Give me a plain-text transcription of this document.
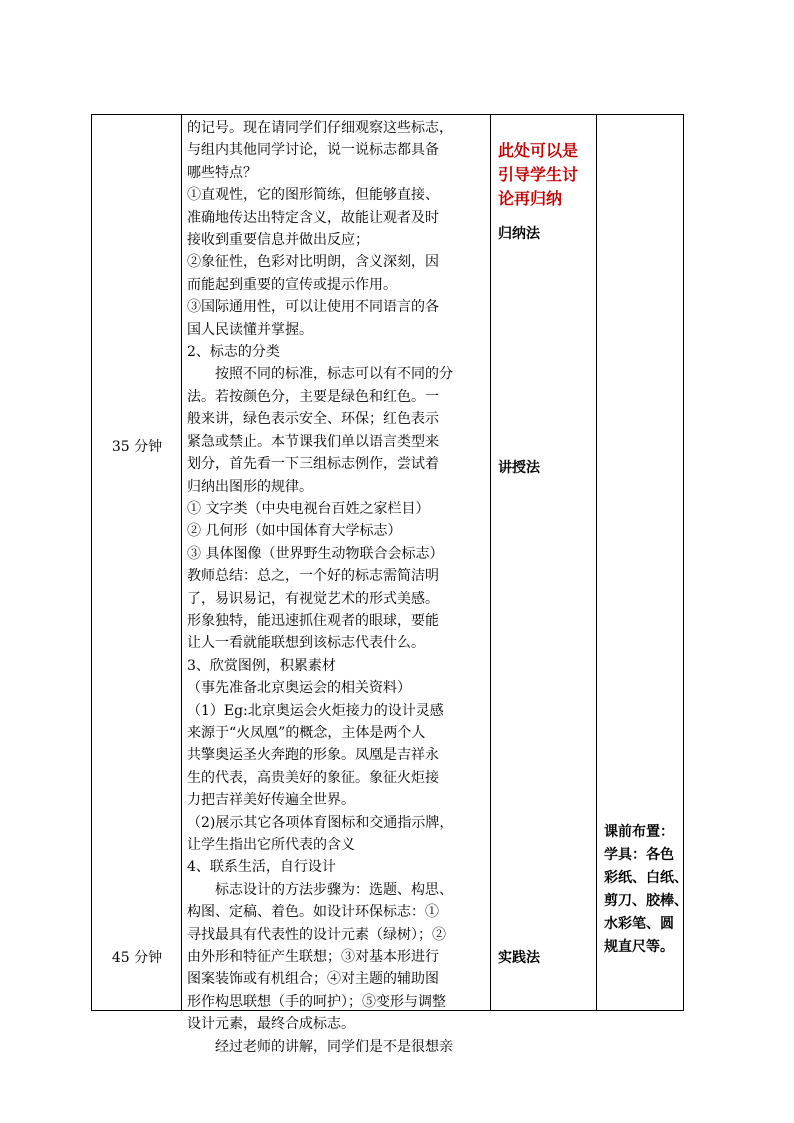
35 分钟
45 分钟

的记号。现在请同学们仔细观察这些标志，

与组内其他同学讨论，说一说标志都具备

哪些特点？

①直观性，它的图形简练，但能够直接、

准确地传达出特定含义，故能让观者及时

接收到重要信息并做出反应；

②象征性，色彩对比明朗，含义深刻，因

而能起到重要的宣传或提示作用。

③国际通用性，可以让使用不同语言的各

国人民读懂并掌握。

2、标志的分类

按照不同的标准，标志可以有不同的分

法。若按颜色分，主要是绿色和红色。一

般来讲，绿色表示安全、环保；红色表示

紧急或禁止。本节课我们单以语言类型来

划分，首先看一下三组标志例作，尝试着

归纳出图形的规律。

① 文字类（中央电视台百姓之家栏目）

② 几何形（如中国体育大学标志）

③ 具体图像（世界野生动物联合会标志）

教师总结：总之，一个好的标志需简洁明

了，易识易记，有视觉艺术的形式美感。

形象独特，能迅速抓住观者的眼球，要能

让人一看就能联想到该标志代表什么。

3、欣赏图例，积累素材

（事先准备北京奥运会的相关资料）

（1）Eg:北京奥运会火炬接力的设计灵感

来源于“火凤凰”的概念，主体是两个人

共擎奥运圣火奔跑的形象。凤凰是吉祥永

生的代表，高贵美好的象征。象征火炬接

力把吉祥美好传遍全世界。

（2)展示其它各项体育图标和交通指示牌，

让学生指出它所代表的含义

4、联系生活，自行设计

标志设计的方法步骤为：选题、构思、

构图、定稿、着色。如设计环保标志：①

寻找最具有代表性的设计元素（绿树）；②

由外形和特征产生联想；③对基本形进行

图案装饰或有机组合；④对主题的辅助图

形作构思联想（手的呵护）；⑤变形与调整

设计元素，最终合成标志。

经过老师的讲解，同学们是不是很想亲

此处可以是

引导学生讨

论再归纳

归纳法
讲授法
实践法

课前布置：

学具：各色

彩纸、白纸、

剪刀、胶棒、

水彩笔、圆

规直尺等。
